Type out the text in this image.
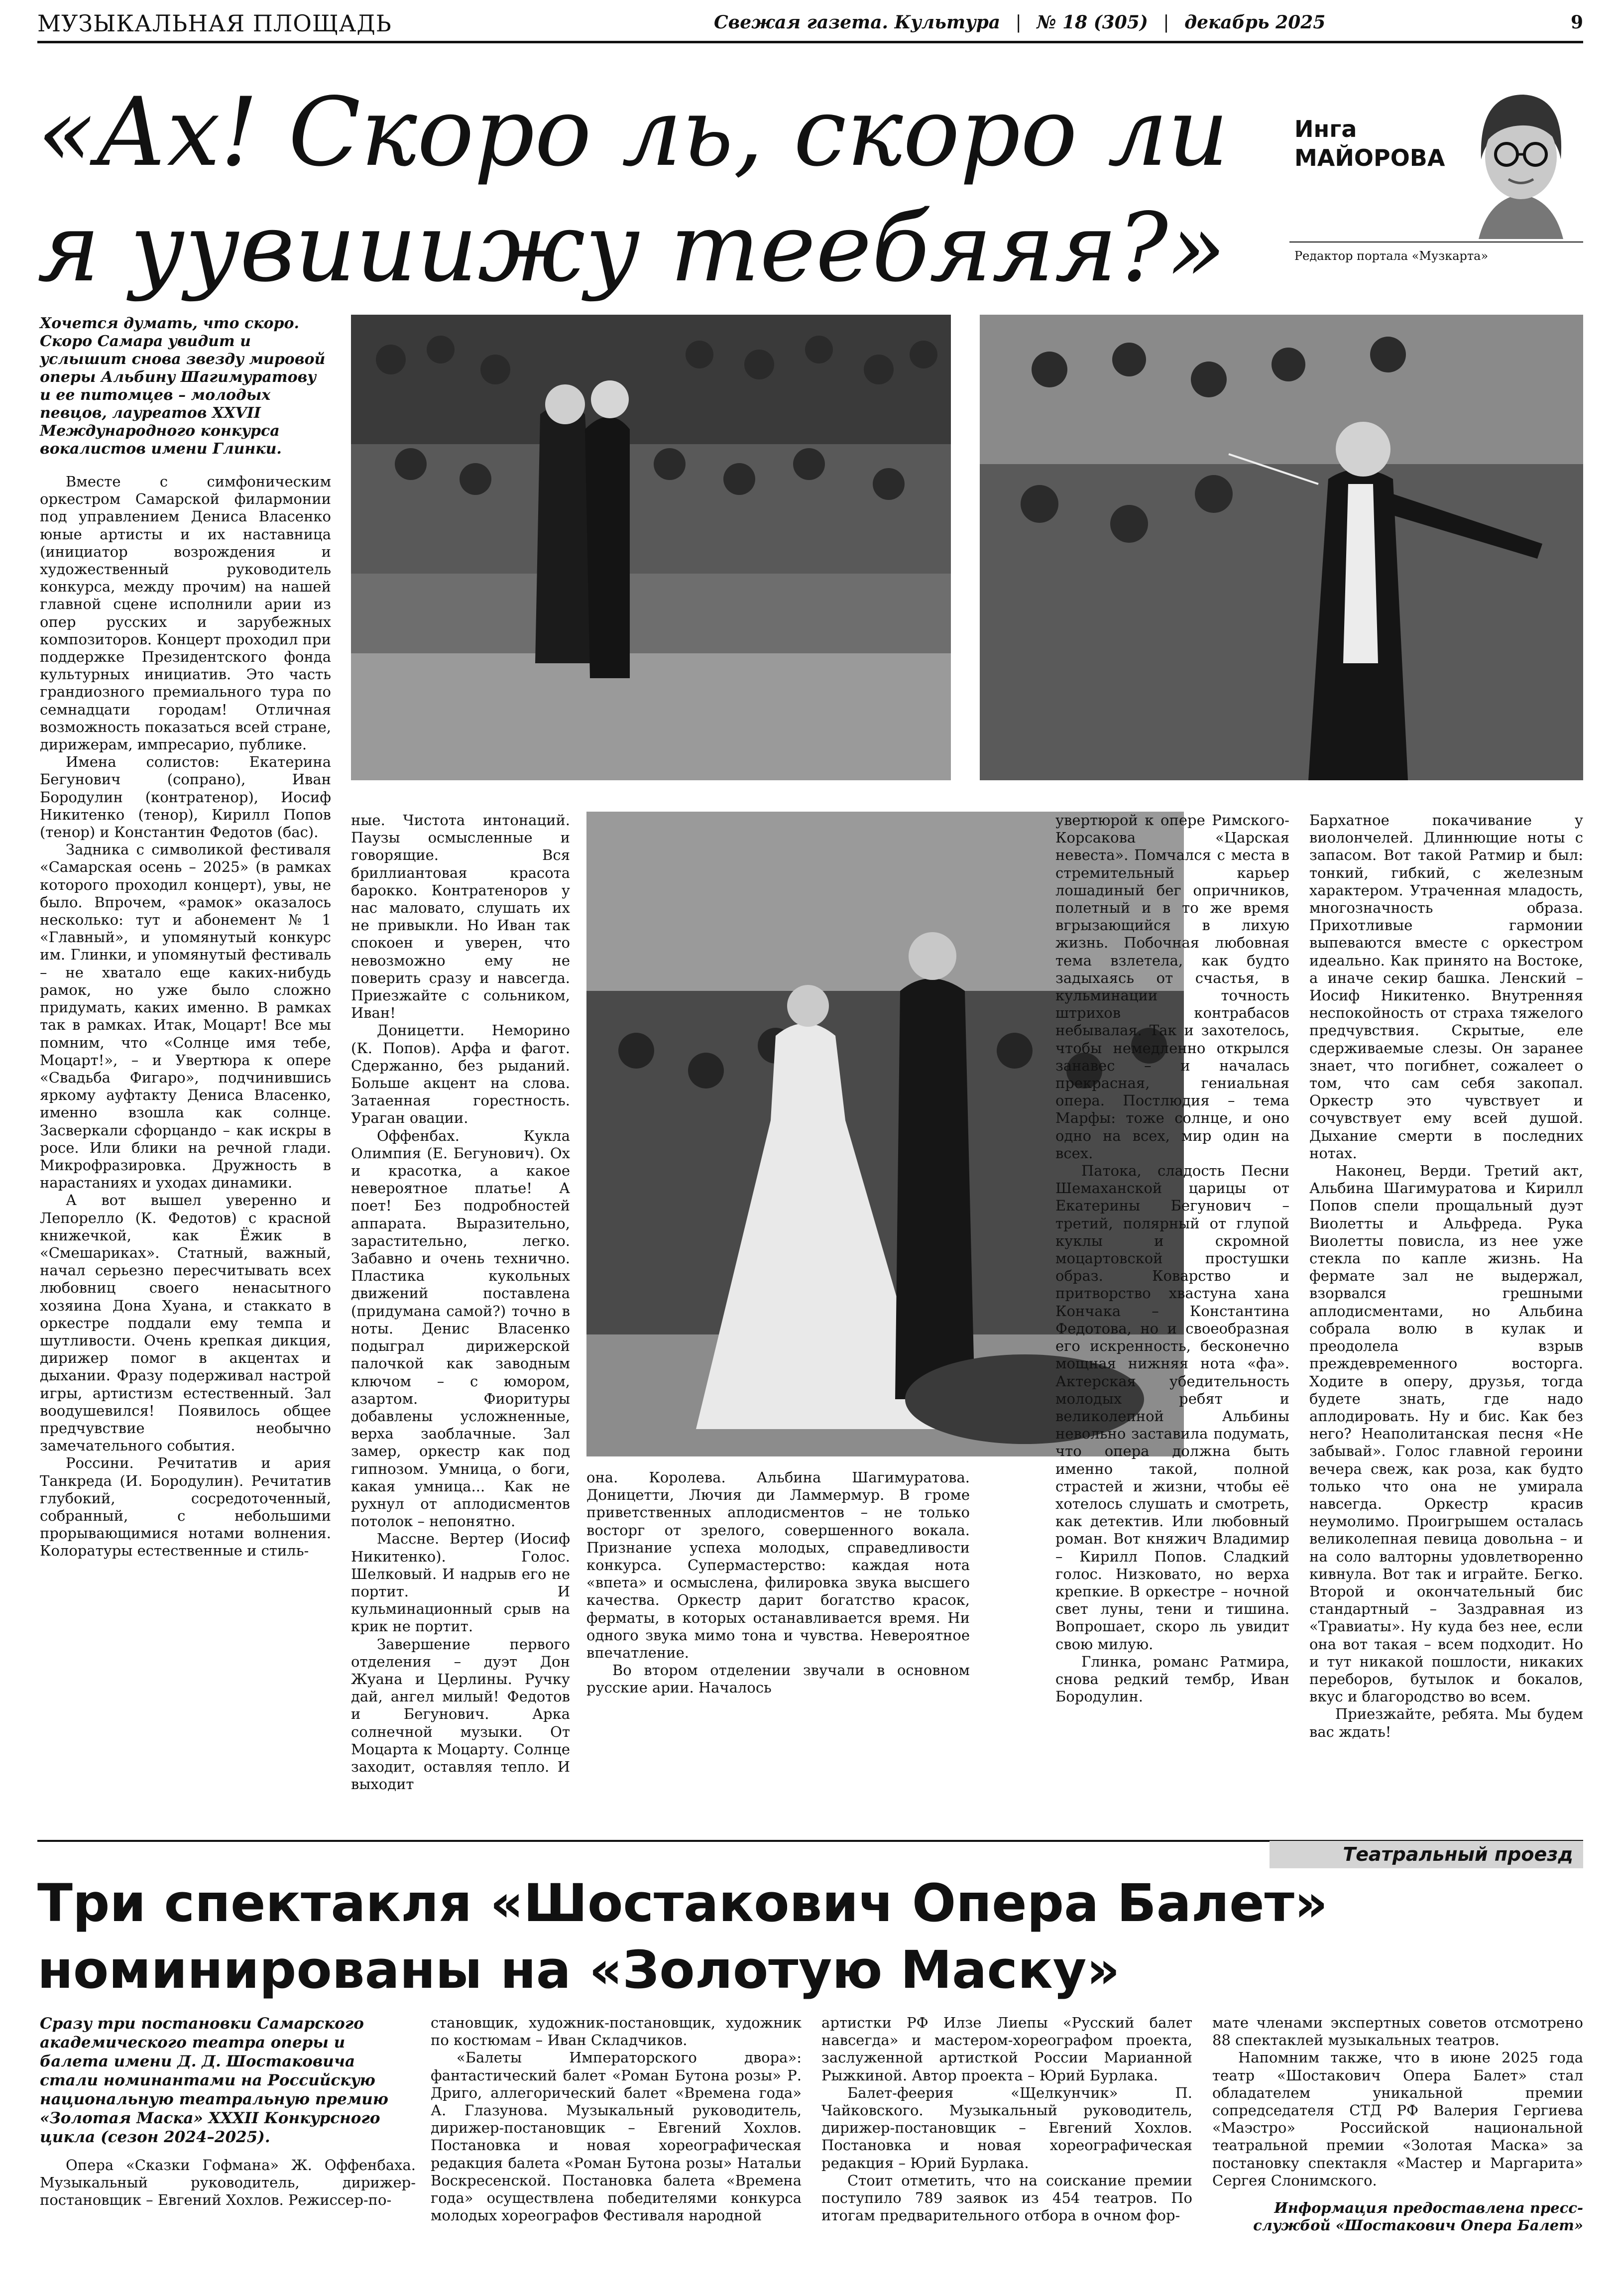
МУЗЫКАЛЬНАЯ ПЛОЩАДЬ	Свежая газета. Культура | № 18 (305) | декабрь 2025	9
«Ах! Скоро ль, скоро ли
я уувииижу теебяяя?»
Инга
МАЙОРОВА
Редактор портала «Музкарта»

Хочется думать, что скоро. Скоро Самара увидит и услышит снова звезду мировой оперы Альбину Шагимуратову и ее питомцев – молодых певцов, лауреатов XXVII Международного конкурса вокалистов имени Глинки.

Вместе с симфоническим оркестром Самарской филармонии под управлением Дениса Власенко юные артисты и их наставница (инициатор возрождения и художественный руководитель конкурса, между прочим) на нашей главной сцене исполнили арии из опер русских и зарубежных композиторов. Концерт проходил при поддержке Президентского фонда культурных инициатив. Это часть грандиозного премиального тура по семнадцати городам! Отличная возможность показаться всей стране, дирижерам, импресарио, публике.

Имена солистов: Екатерина Бегунович (сопрано), Иван Бородулин (контратенор), Иосиф Никитенко (тенор), Кирилл Попов (тенор) и Константин Федотов (бас).

Задника с символикой фестиваля «Самарская осень – 2025» (в рамках которого проходил концерт), увы, не было. Впрочем, «рамок» оказалось несколько: тут и абонемент № 1 «Главный», и упомянутый конкурс им. Глинки, и упомянутый фестиваль – не хватало еще каких-нибудь рамок, но уже было сложно придумать, каких именно. В рамках так в рамках. Итак, Моцарт! Все мы помним, что «Солнце имя тебе, Моцарт!», – и Увертюра к опере «Свадьба Фигаро», подчинившись яркому ауфтакту Дениса Власенко, именно взошла как солнце. Засверкали сфорцандо – как искры в росе. Или блики на речной глади. Микрофразировка. Дружность в нарастаниях и уходах динамики.

А вот вышел уверенно и Лепорелло (К. Федотов) с красной книжечкой, как Ёжик в «Смешариках». Статный, важный, начал серьезно пересчитывать всех любовниц своего ненасытного хозяина Дона Хуана, и стаккато в оркестре поддали ему темпа и шутливости. Очень крепкая дикция, дирижер помог в акцентах и дыхании. Фразу подерживал настрой игры, артистизм естественный. Зал воодушевился! Появилось общее предчувствие необычно замечательного события.

Россини. Речитатив и ария Танкреда (И. Бородулин). Речитатив глубокий, сосредоточенный, собранный, с небольшими прорывающимися нотами волнения. Колоратуры естественные и стиль-

ные. Чистота интонаций. Паузы осмысленные и говорящие. Вся бриллиантовая красота барокко. Контратеноров у нас маловато, слушать их не привыкли. Но Иван так спокоен и уверен, что невозможно ему не поверить сразу и навсегда. Приезжайте с сольником, Иван!

Доницетти. Неморино (К. Попов). Арфа и фагот. Сдержанно, без рыданий. Больше акцент на слова. Затаенная горестность. Ураган овации.

Оффенбах. Кукла Олимпия (Е. Бегунович). Ох и красотка, а какое невероятное платье! А поет! Без подробностей аппарата. Выразительно, зарастительно, легко. Забавно и очень технично. Пластика кукольных движений поставлена (придумана самой?) точно в ноты. Денис Власенко подыграл дирижерской палочкой как заводным ключом – с юмором, азартом. Фиоритуры добавлены усложненные, верха заоблачные. Зал замер, оркестр как под гипнозом. Умница, о боги, какая умница... Как не рухнул от аплодисментов потолок – непонятно.

Массне. Вертер (Иосиф Никитенко). Голос. Шелковый. И надрыв его не портит. И кульминационный срыв на крик не портит.

Завершение первого отделения – дуэт Дон Жуана и Церлины. Ручку дай, ангел милый! Федотов и Бегунович. Арка солнечной музыки. От Моцарта к Моцарту. Солнце заходит, оставляя тепло. И выходит

она. Королева. Альбина Шагимуратова. Доницетти, Лючия ди Ламмермур. В громе приветственных аплодисментов – не только восторг от зрелого, совершенного вокала. Признание успеха молодых, справедливости конкурса. Супермастерство: каждая нота «впета» и осмыслена, филировка звука высшего качества. Оркестр дарит богатство красок, ферматы, в которых останавливается время. Ни одного звука мимо тона и чувства. Невероятное впечатление.

Во втором отделении звучали в основном русские арии. Началось

увертюрой к опере Римского-Корсакова «Царская невеста». Помчался с места в стремительный карьер лошадиный бег опричников, полетный и в то же время вгрызающийся в лихую жизнь. Побочная любовная тема взлетела, как будто задыхаясь от счастья, в кульминации точность штрихов контрабасов небывалая. Так и захотелось, чтобы немедленно открылся занавес – и началась прекрасная, гениальная опера. Постлюдия – тема Марфы: тоже солнце, и оно одно на всех, мир один на всех.

Патока, сладость Песни Шемаханской царицы от Екатерины Бегунович – третий, полярный от глупой куклы и скромной моцартовской простушки образ. Коварство и притворство хвастуна хана Кончака – Константина Федотова, но и своеобразная его искренность, бесконечно мощная нижняя нота «фа». Актерская убедительность молодых ребят и великолепной Альбины невольно заставила подумать, что опера должна быть именно такой, полной страстей и жизни, чтобы её хотелось слушать и смотреть, как детектив. Или любовный роман. Вот княжич Владимир – Кирилл Попов. Сладкий голос. Низковато, но верха крепкие. В оркестре – ночной свет луны, тени и тишина. Вопрошает, скоро ль увидит свою милую.

Глинка, романс Ратмира, снова редкий тембр, Иван Бородулин.

Бархатное покачивание у виолончелей. Длиннющие ноты с запасом. Вот такой Ратмир и был: тонкий, гибкий, с железным характером. Утраченная младость, многозначность образа. Прихотливые гармонии выпеваются вместе с оркестром идеально. Как принято на Востоке, а иначе секир башка. Ленский – Иосиф Никитенко. Внутренняя неспокойность от страха тяжелого предчувствия. Скрытые, еле сдерживаемые слезы. Он заранее знает, что погибнет, сожалеет о том, что сам себя закопал. Оркестр это чувствует и сочувствует ему всей душой. Дыхание смерти в последних нотах.

Наконец, Верди. Третий акт, Альбина Шагимуратова и Кирилл Попов спели прощальный дуэт Виолетты и Альфреда. Рука Виолетты повисла, из нее уже стекла по капле жизнь. На фермате зал не выдержал, взорвался грешными аплодисментами, но Альбина собрала волю в кулак и преодолела взрыв преждевременного восторга. Ходите в оперу, друзья, тогда будете знать, где надо аплодировать. Ну и бис. Как без него? Неаполитанская песня «Не забывай». Голос главной героини вечера свеж, как роза, как будто только что она не умирала навсегда. Оркестр красив неумолимо. Проигрышем осталась великолепная певица довольна – и на соло валторны удовлетворенно кивнула. Вот так и играйте. Бегко. Второй и окончательный бис стандартный – Заздравная из «Травиаты». Ну куда без нее, если она вот такая – всем подходит. Но и тут никакой пошлости, никаких переборов, бутылок и бокалов, вкус и благородство во всем.

Приезжайте, ребята. Мы будем вас ждать!

Театральный проезд
Три спектакля «Шостакович Опера Балет»
номинированы на «Золотую Маску»

Сразу три постановки Самарского академического театра оперы и балета имени Д. Д. Шостаковича стали номинантами на Российскую национальную театральную премию «Золотая Маска» XXXII Конкурсного цикла (сезон 2024–2025).

Опера «Сказки Гофмана» Ж. Оффенбаха. Музыкальный руководитель, дирижер-постановщик – Евгений Хохлов. Режиссер-по-

становщик, художник-постановщик, художник по костюмам – Иван Складчиков.

«Балеты Императорского двора»: фантастический балет «Роман Бутона розы» Р. Дриго, аллегорический балет «Времена года» А. Глазунова. Музыкальный руководитель, дирижер-постановщик – Евгений Хохлов. Постановка и новая хореографическая редакция балета «Роман Бутона розы» Натальи Воскресенской. Постановка балета «Времена года» осуществлена победителями конкурса молодых хореографов Фестиваля народной

артистки РФ Илзе Лиепы «Русский балет навсегда» и мастером-хореографом проекта, заслуженной артисткой России Марианной Рыжкиной. Автор проекта – Юрий Бурлака.

Балет-феерия «Щелкунчик» П. Чайковского. Музыкальный руководитель, дирижер-постановщик – Евгений Хохлов. Постановка и новая хореографическая редакция – Юрий Бурлака.

Стоит отметить, что на соискание премии поступило 789 заявок из 454 театров. По итогам предварительного отбора в очном фор-

мате членами экспертных советов отсмотрено 88 спектаклей музыкальных театров.

Напомним также, что в июне 2025 года театр «Шостакович Опера Балет» стал обладателем уникальной премии сопредседателя СТД РФ Валерия Гергиева «Маэстро» Российской национальной театральной премии «Золотая Маска» за постановку спектакля «Мастер и Маргарита» Сергея Слонимского.

Информация предоставлена пресс-службой «Шостакович Опера Балет»
